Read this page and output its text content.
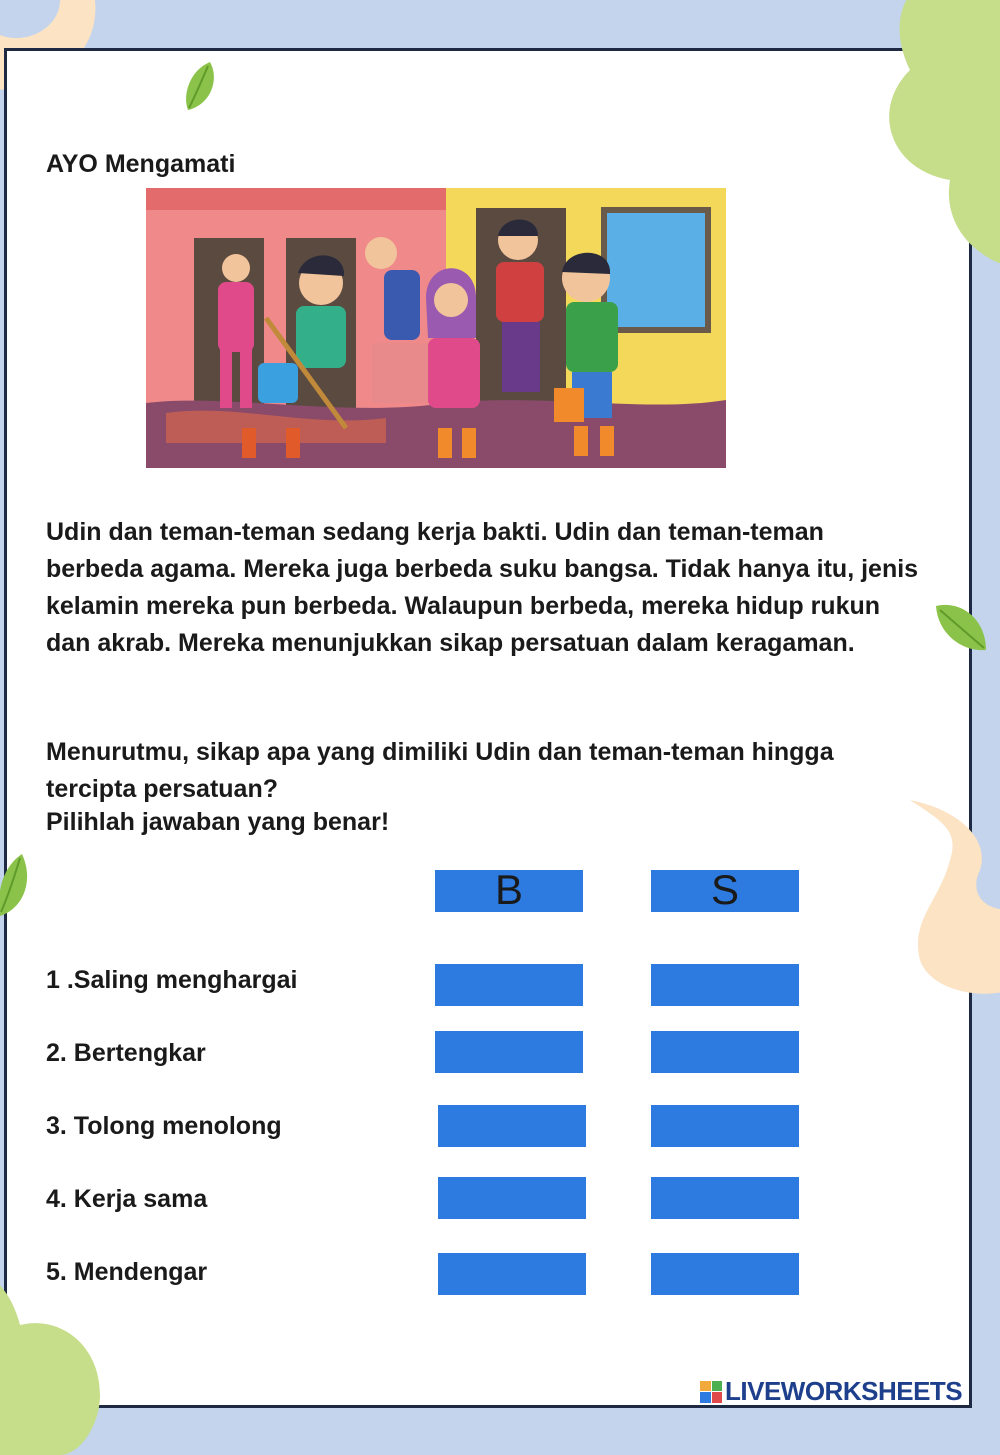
AYO Mengamati
Udin dan teman-teman sedang kerja bakti. Udin dan teman-teman berbeda agama. Mereka juga berbeda suku bangsa. Tidak hanya itu, jenis kelamin mereka pun berbeda. Walaupun berbeda, mereka hidup rukun dan akrab. Mereka menunjukkan sikap persatuan dalam keragaman.
Menurutmu, sikap apa yang dimiliki Udin dan teman-teman hingga tercipta persatuan?
Pilihlah jawaban yang benar!
B	S
1 .Saling menghargai
2. Bertengkar
3. Tolong menolong
4. Kerja sama
5. Mendengar
LIVEWORKSHEETS
